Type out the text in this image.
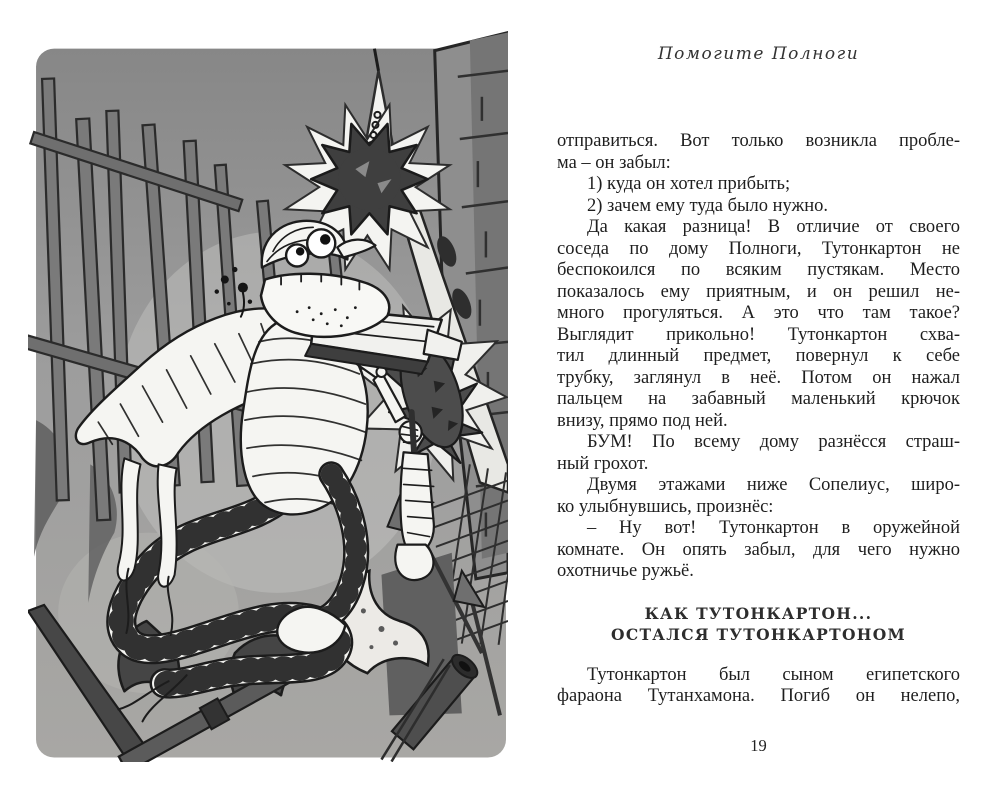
Помогите Полноги
отправиться. Вот только возникла пробле-
ма – он забыл:
1) куда он хотел прибыть;
2) зачем ему туда было нужно.
Да какая разница! В отличие от своего
соседа по дому Полноги, Тутонкартон не
беспокоился по всяким пустякам. Место
показалось ему приятным, и он решил не-
много прогуляться. А это что там такое?
Выглядит прикольно! Тутонкартон схва-
тил длинный предмет, повернул к себе
трубку, заглянул в неё. Потом он нажал
пальцем на забавный маленький крючок
внизу, прямо под ней.
БУМ! По всему дому разнёсся страш-
ный грохот.
Двумя этажами ниже Сопелиус, широ-
ко улыбнувшись, произнёс:
– Ну вот! Тутонкартон в оружейной
комнате. Он опять забыл, для чего нужно
охотничье ружьё.
КАК ТУТОНКАРТОН...
ОСТАЛСЯ ТУТОНКАРТОНОМ
Тутонкартон был сыном египетского
фараона Тутанхамона. Погиб он нелепо,
19
